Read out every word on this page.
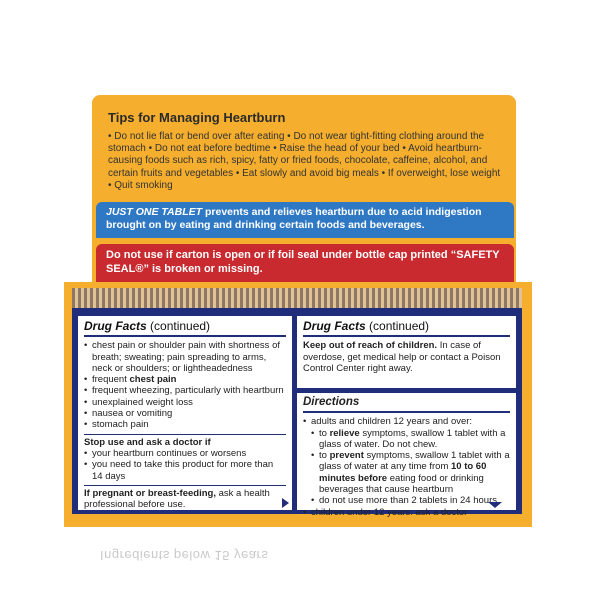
Tips for Managing Heartburn
• Do not lie flat or bend over after eating • Do not wear tight-fitting clothing around the stomach • Do not eat before bedtime • Raise the head of your bed • Avoid heartburn-causing foods such as rich, spicy, fatty or fried foods, chocolate, caffeine, alcohol, and certain fruits and vegetables • Eat slowly and avoid big meals • If overweight, lose weight • Quit smoking
JUST ONE TABLET prevents and relieves heartburn due to acid indigestion brought on by eating and drinking certain foods and beverages.
Do not use if carton is open or if foil seal under bottle cap printed “SAFETY SEAL®” is broken or missing.
Drug Facts (continued)
• chest pain or shoulder pain with shortness of breath; sweating; pain spreading to arms, neck or shoulders; or lightheadedness
• frequent chest pain
• frequent wheezing, particularly with heartburn
• unexplained weight loss
• nausea or vomiting
• stomach pain
Stop use and ask a doctor if
• your heartburn continues or worsens
• you need to take this product for more than 14 days
If pregnant or breast-feeding, ask a health professional before use.
Drug Facts (continued)
Keep out of reach of children. In case of overdose, get medical help or contact a Poison Control Center right away.
Directions
• adults and children 12 years and over:
• to relieve symptoms, swallow 1 tablet with a glass of water. Do not chew.
• to prevent symptoms, swallow 1 tablet with a glass of water at any time from 10 to 60 minutes before eating food or drinking beverages that cause heartburn
• do not use more than 2 tablets in 24 hours
• children under 12 years: ask a doctor
Ingredients pelow 15 years
